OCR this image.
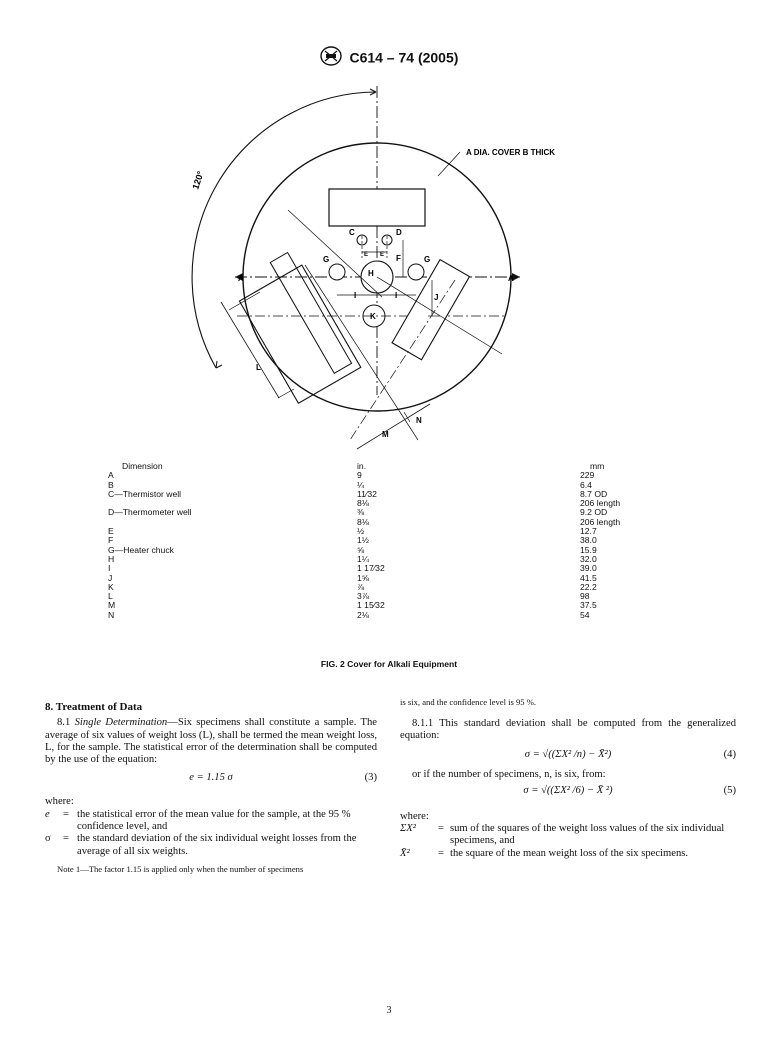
C614 – 74 (2005)
A DIA. COVER B THICK
120°
A	A
C	D
E E F
G	G
H
I	I	J
K
L
M
N
Dimension	in.	mm
A	9	229
B	¼	6.4
C—Thermistor well	11⁄32	8.7 OD
	8⅛	206 length
D—Thermometer well	⅜	9.2 OD
	8⅛	206 length
E	½	12.7
F	1½	38.0
G—Heater chuck	⅝	15.9
H	1¼	32.0
I	1 17⁄32	39.0
J	1⅝	41.5
K	⅞	22.2
L	3⅞	98
M	1 15⁄32	37.5
N	2⅛	54
FIG. 2 Cover for Alkali Equipment
8. Treatment of Data

8.1 Single Determination—Six specimens shall constitute a sample. The average of six values of weight loss (L), shall be termed the mean weight loss, L, for the sample. The statistical error of the determination shall be computed by the use of the equation:

e = 1.15 σ	(3)

where:

e	= the statistical error of the mean value for the sample, at the 95 % confidence level, and
σ	= the standard deviation of the six individual weight losses from the average of all six weights.

Note 1—The factor 1.15 is applied only when the number of specimens

is six, and the confidence level is 95 %.

8.1.1 This standard deviation shall be computed from the generalized equation:

σ = √((ΣX² /n) − X̄²)	(4)

or if the number of specimens, n, is six, from:

σ = √((ΣX² /6) − X̄ ²)	(5)

where:

ΣX²	= sum of the squares of the weight loss values of the six individual specimens, and
X̄²	= the square of the mean weight loss of the six specimens.
3
